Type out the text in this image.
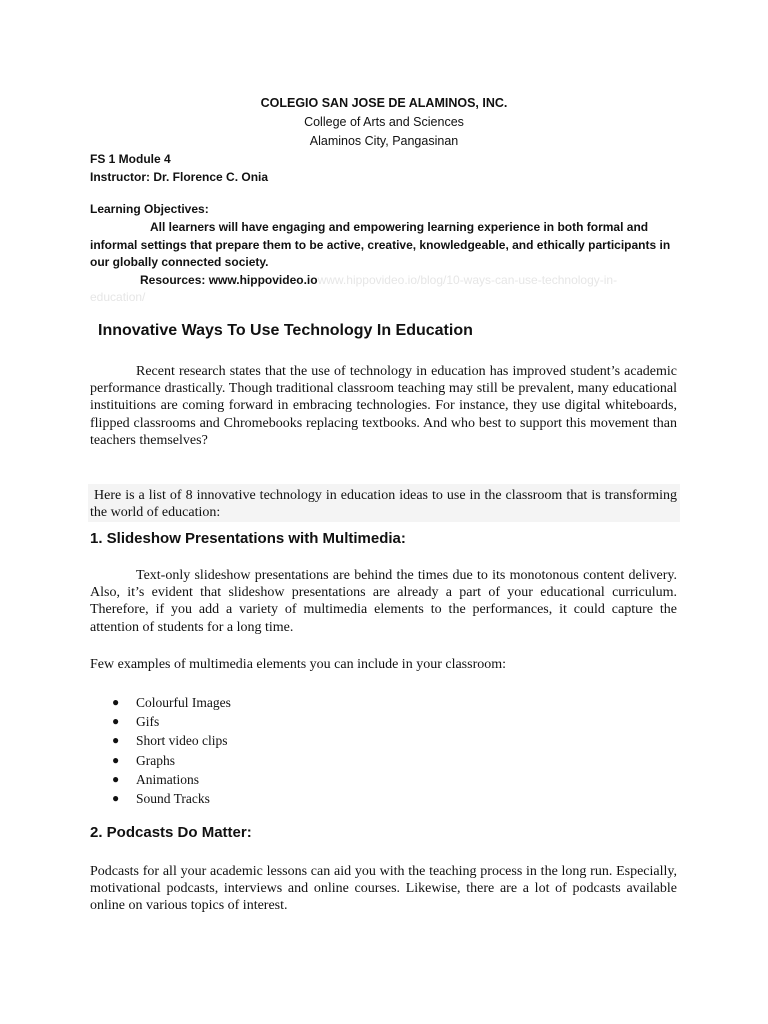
COLEGIO SAN JOSE DE ALAMINOS, INC.
College of Arts and Sciences
Alaminos City, Pangasinan
FS 1 Module 4
Instructor: Dr. Florence C. Onia
Learning Objectives:
All learners will have engaging and empowering learning experience in both formal and informal settings that prepare them to be active, creative, knowledgeable, and ethically participants in our globally connected society.
Resources: www.hippovideo.iowww.hippovideo.io/blog/10-ways-can-use-technology-in-
education/
Innovative Ways To Use Technology In Education
Recent research states that the use of technology in education has improved student’s academic performance drastically. Though traditional classroom teaching may still be prevalent, many educational instituitions are coming forward in embracing technologies. For instance, they use digital whiteboards, flipped classrooms and Chromebooks replacing textbooks. And who best to support this movement than teachers themselves?
Here is a list of 8 innovative technology in education ideas to use in the classroom that is transforming the world of education:
1. Slideshow Presentations with Multimedia:
Text-only slideshow presentations are behind the times due to its monotonous content delivery. Also, it’s evident that slideshow presentations are already a part of your educational curriculum. Therefore, if you add a variety of multimedia elements to the performances, it could capture the attention of students for a long time.
Few examples of multimedia elements you can include in your classroom:
● Colourful Images
● Gifs
● Short video clips
● Graphs
● Animations
● Sound Tracks
2. Podcasts Do Matter:
Podcasts for all your academic lessons can aid you with the teaching process in the long run. Especially, motivational podcasts, interviews and online courses. Likewise, there are a lot of podcasts available online on various topics of interest.
